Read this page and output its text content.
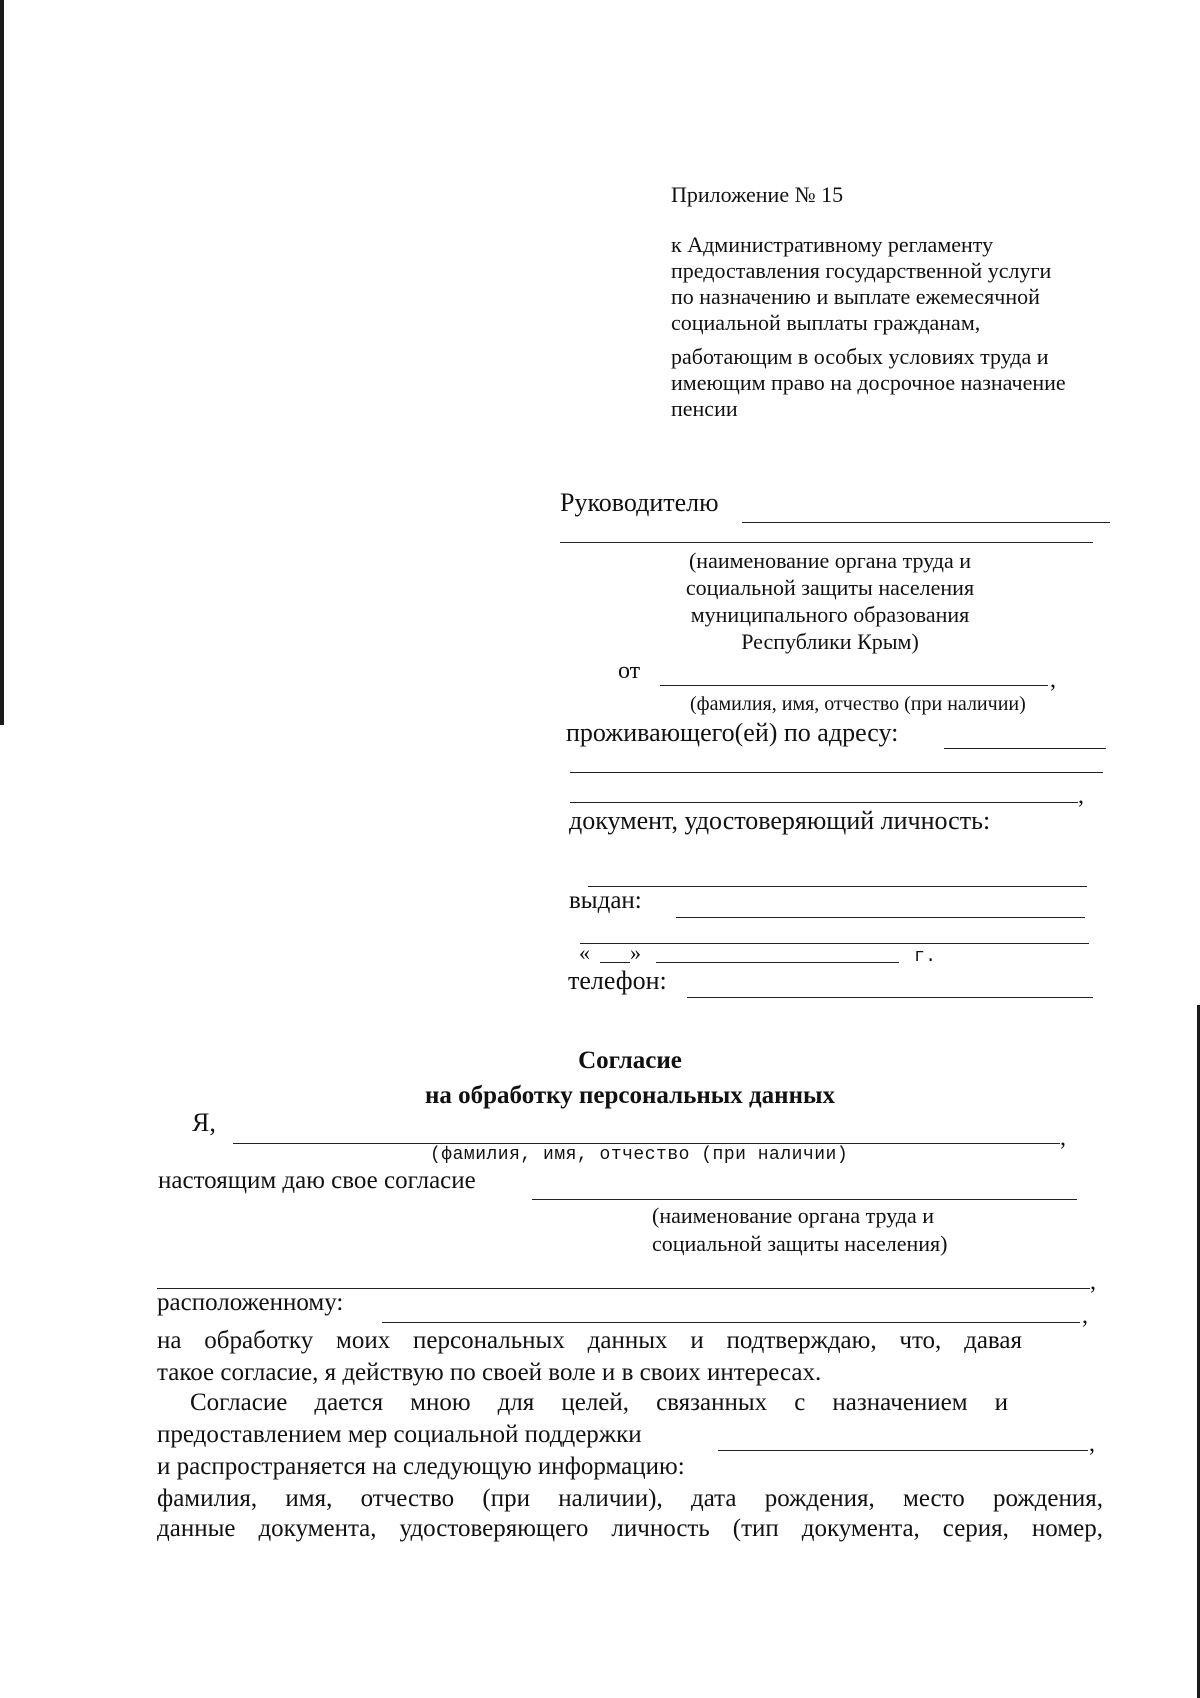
Приложение № 15
к Административному регламенту
предоставления государственной услуги
по назначению и выплате ежемесячной
социальной выплаты гражданам,
работающим в особых условиях труда и
имеющим право на досрочное назначение
пенсии
Руководителю
(наименование органа труда и
социальной защиты населения
муниципального образования
Республики Крым)
от	,
(фамилия, имя, отчество (при наличии)
проживающего(ей) по адресу:
,
документ, удостоверяющий личность:
выдан:
« »	г.
телефон:
Согласие
на обработку персональных данных
Я,
,
(фамилия, имя, отчество (при наличии)
настоящим даю свое согласие
(наименование органа труда и
социальной защиты населения)
,
расположенному:	,
на обработку моих персональных данных и подтверждаю, что, давая
такое согласие, я действую по своей воле и в своих интересах.
Согласие дается мною для целей, связанных с назначением и
предоставлением мер социальной поддержки	,
и распространяется на следующую информацию:
фамилия, имя, отчество (при наличии), дата рождения, место рождения,
данные документа, удостоверяющего личность (тип документа, серия, номер,
